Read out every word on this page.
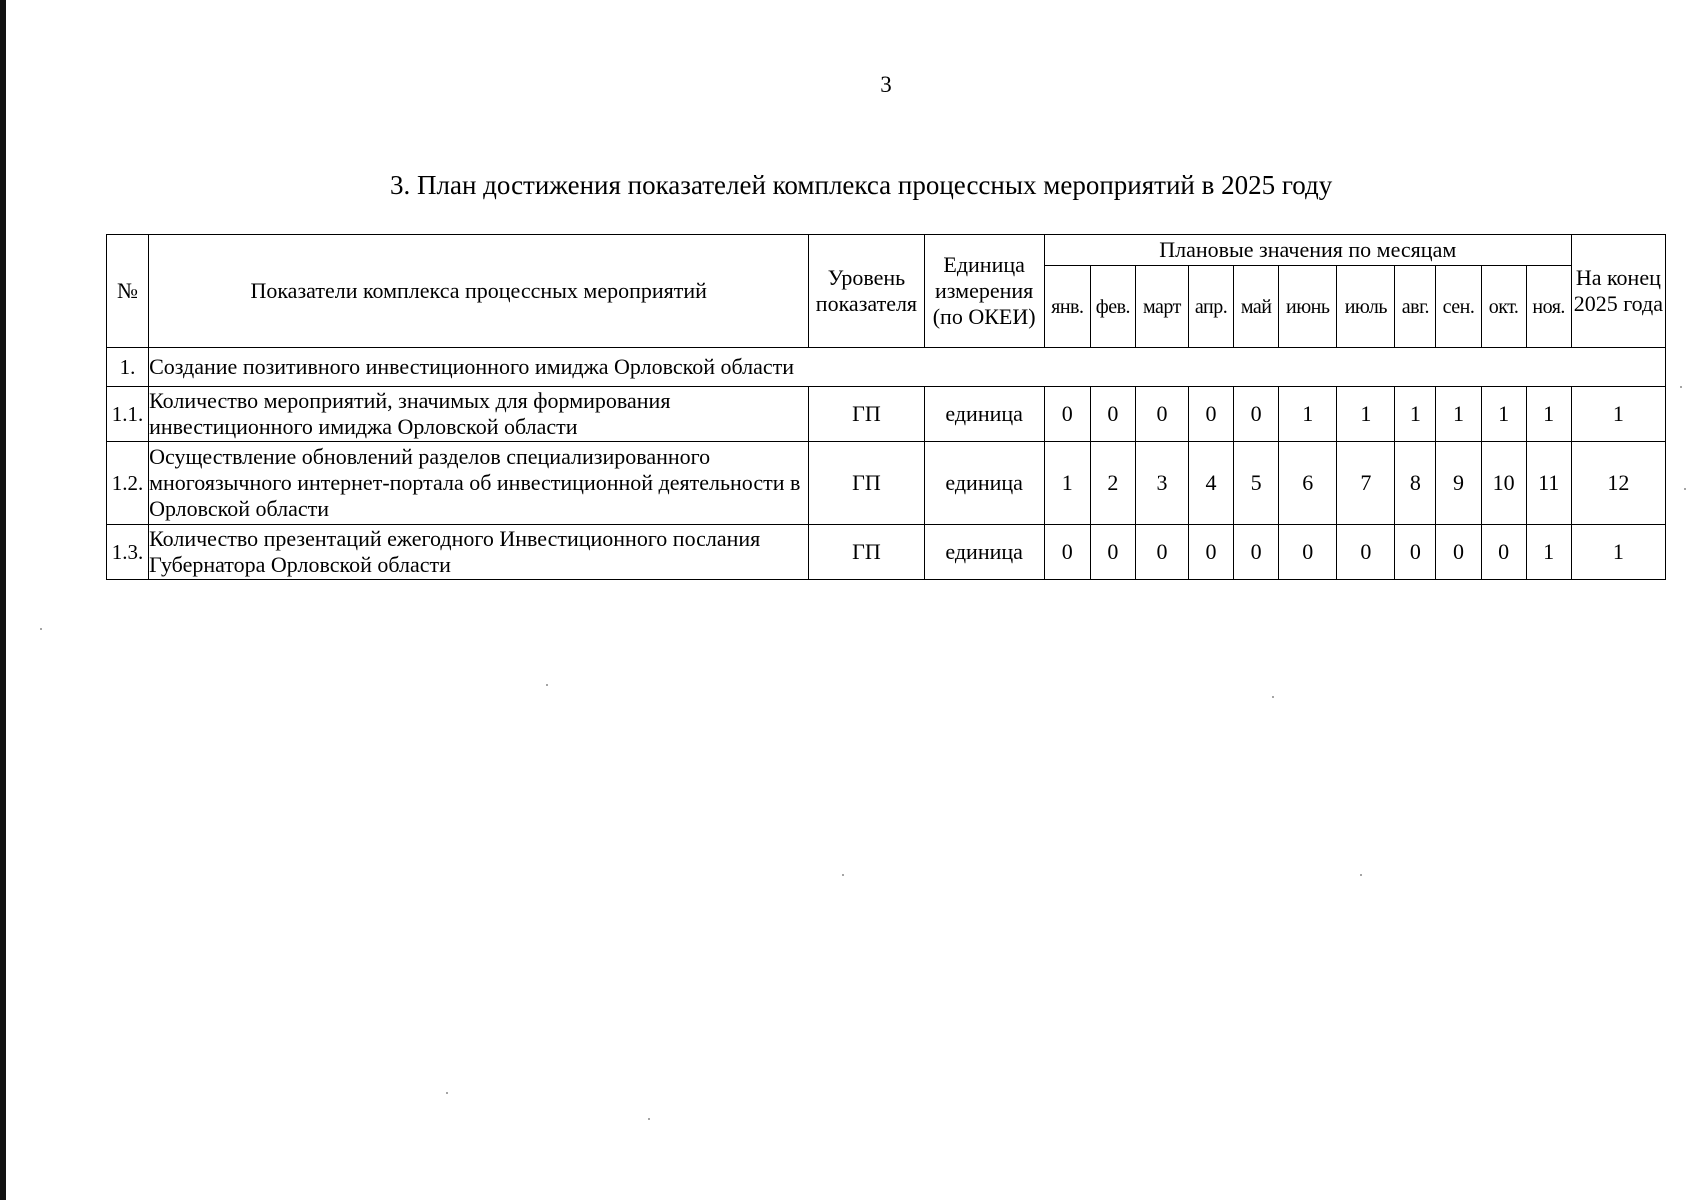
3
3. План достижения показателей комплекса процессных мероприятий в 2025 году
№	Показатели комплекса процессных мероприятий	Уровень показателя	Единица измерения (по ОКЕИ)	Плановые значения по месяцам											На конец 2025 года
				янв.	фев.	март	апр.	май	июнь	июль	авг.	сен.	окт.	ноя.	
1.	Создание позитивного инвестиционного имиджа Орловской области														
1.1.	Количество мероприятий, значимых для формирования инвестиционного имиджа Орловской области	ГП	единица	0	0	0	0	0	1	1	1	1	1	1	1
1.2.	Осуществление обновлений разделов специализированного многоязычного интернет-портала об инвестиционной деятельности в Орловской области	ГП	единица	1	2	3	4	5	6	7	8	9	10	11	12
1.3.	Количество презентаций ежегодного Инвестиционного послания Губернатора Орловской области	ГП	единица	0	0	0	0	0	0	0	0	0	0	1	1
